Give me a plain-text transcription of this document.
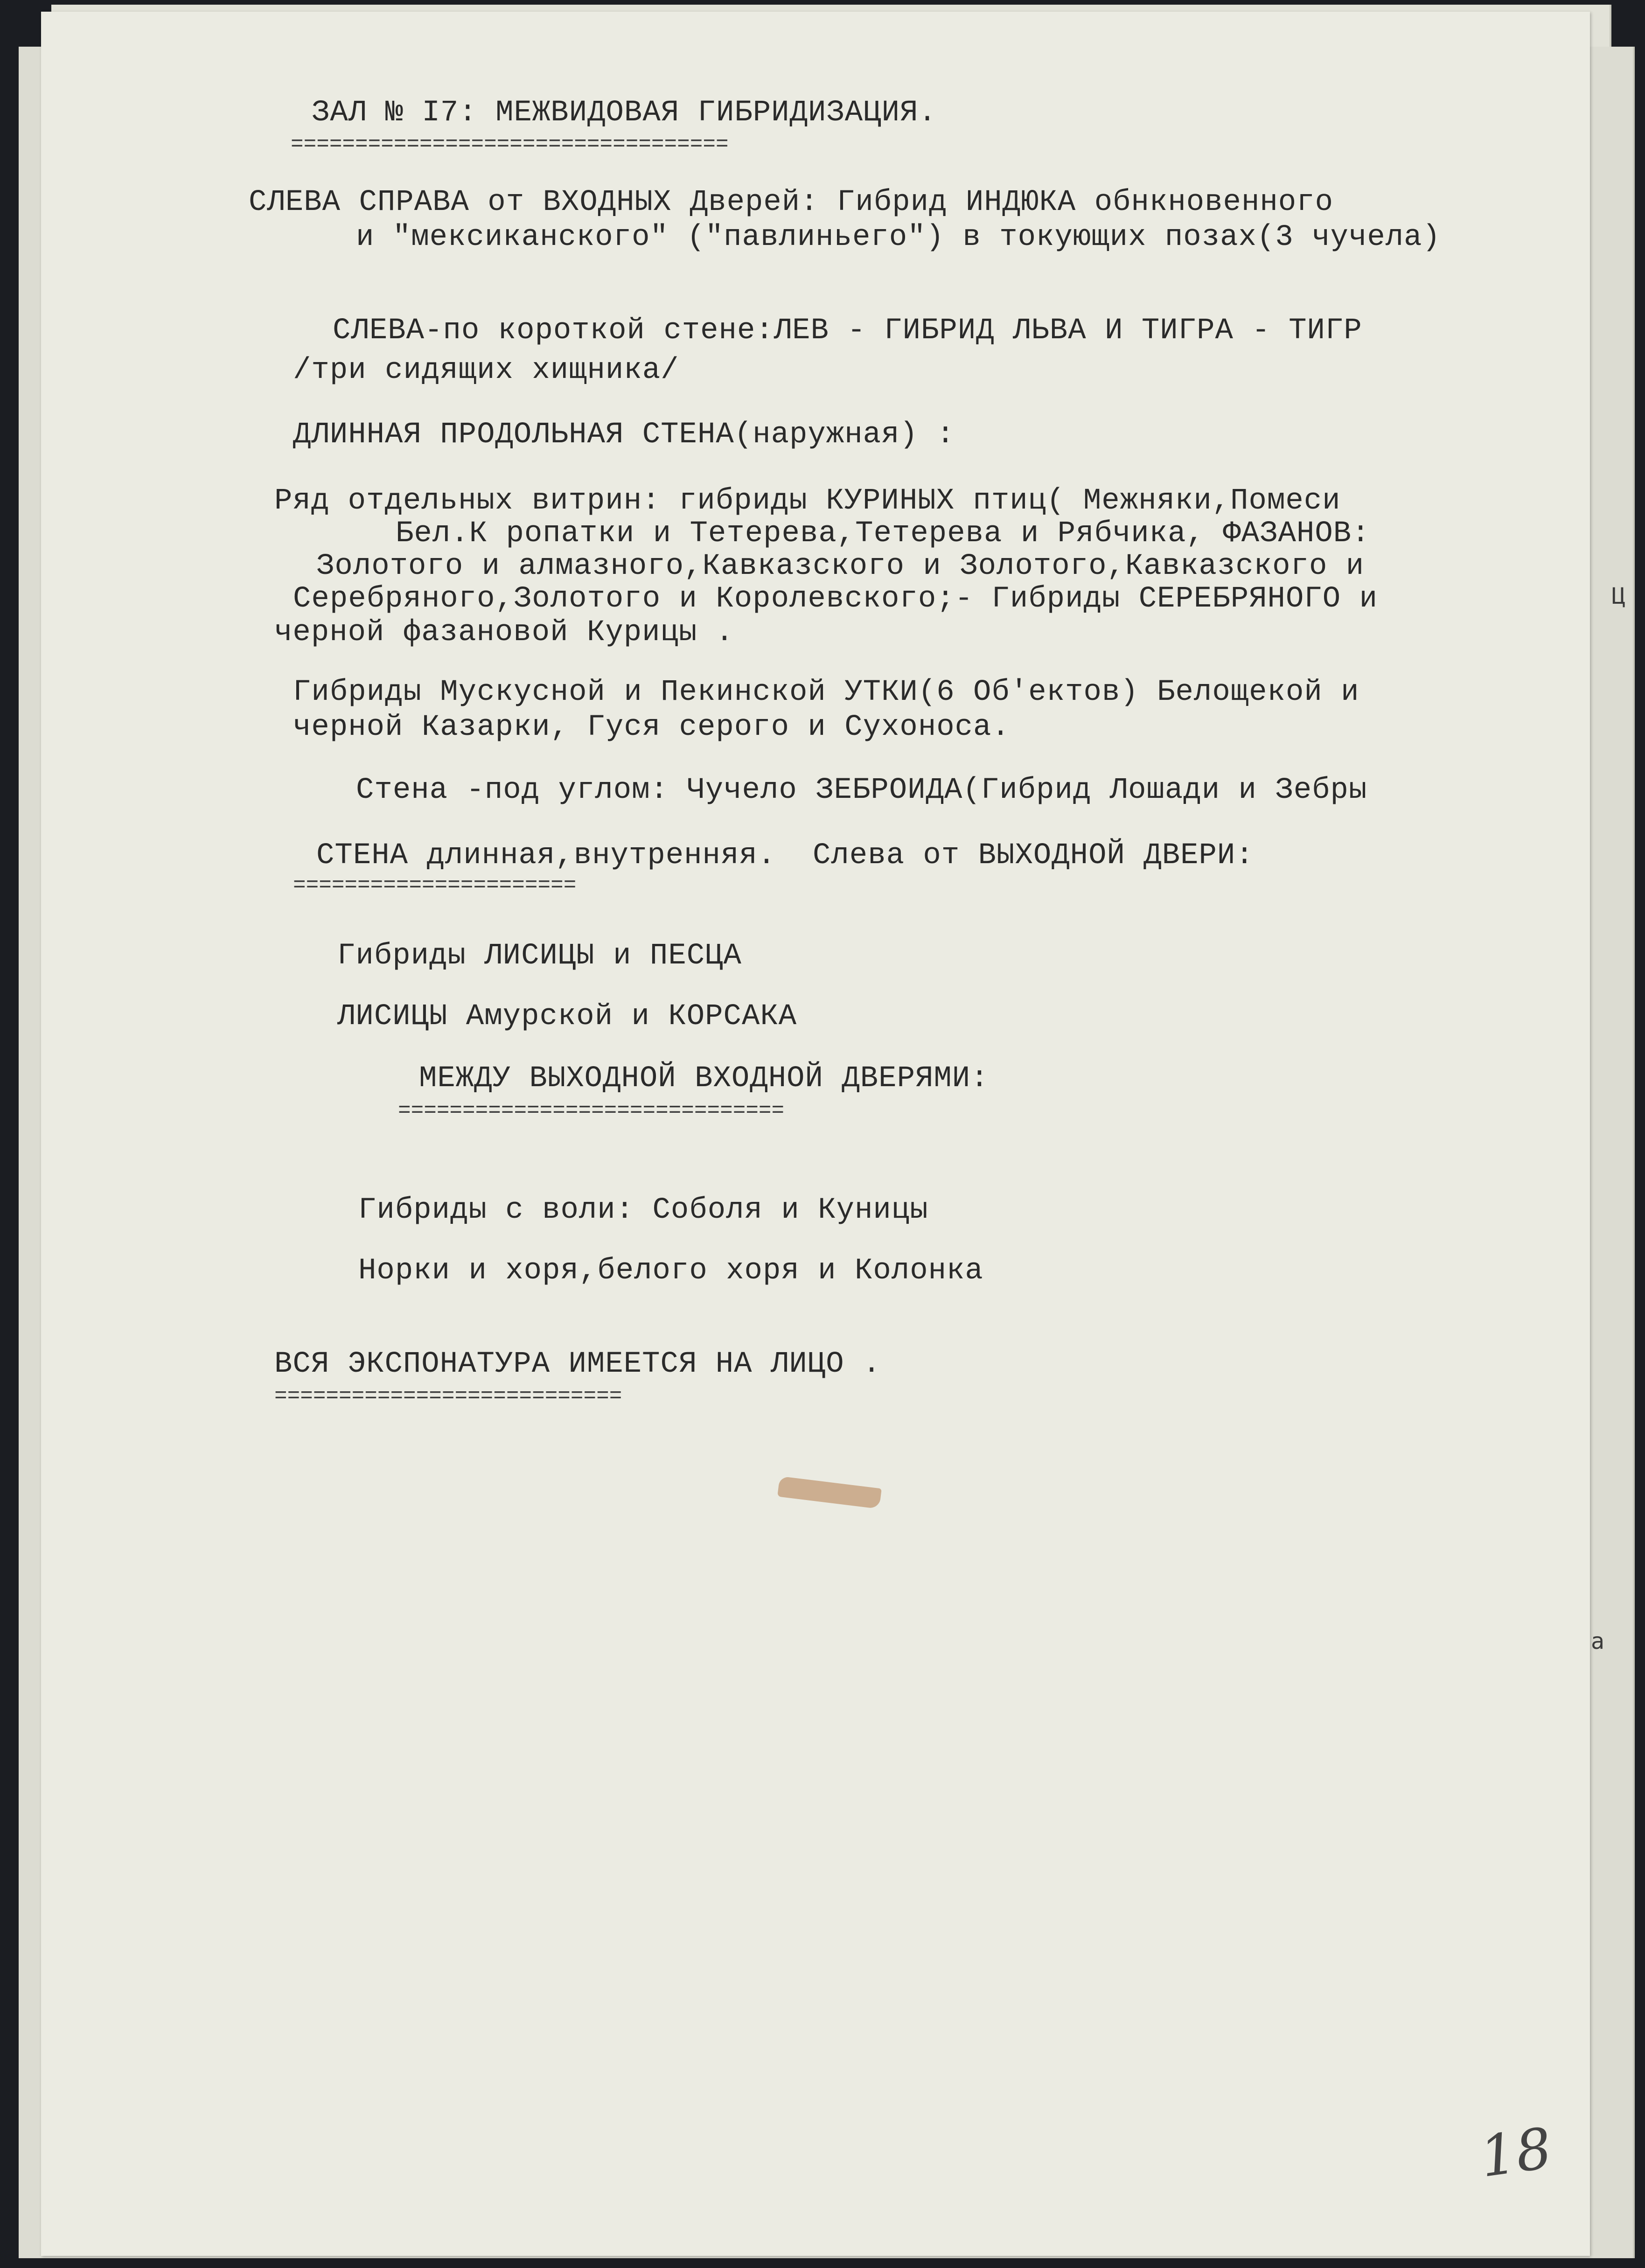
Ц
а
ЗАЛ № I7: МЕЖВИДОВАЯ ГИБРИДИЗАЦИЯ.
==================================
СЛЕВА СПРАВА от ВХОДНЫХ Дверей: Гибрид ИНДЮКА обнкновенного
и "мексиканского" ("павлиньего") в токующих позах(3 чучела)
СЛЕВА-по короткой стене:ЛЕВ - ГИБРИД ЛЬВА И ТИГРА - ТИГР
/три сидящих хищника/
ДЛИННАЯ ПРОДОЛЬНАЯ СТЕНА(наружная) :
Ряд отдельных витрин: гибриды КУРИНЫХ птиц( Межняки,Помеси
Бел.К ропатки и Тетерева,Тетерева и Рябчика, ФАЗАНОВ:
Золотого и алмазного,Кавказского и Золотого,Кавказского и
Серебряного,Золотого и Королевского;- Гибриды СЕРЕБРЯНОГО и
черной фазановой Курицы .
Гибриды Мускусной и Пекинской УТКИ(6 Об'ектов) Белощекой и
черной Казарки, Гуся серого и Сухоноса.
Стена -под углом: Чучело ЗЕБРОИДА(Гибрид Лошади и Зебры
СТЕНА длинная,внутренняя.  Слева от ВЫХОДНОЙ ДВЕРИ:
======================
Гибриды ЛИСИЦЫ и ПЕСЦА
ЛИСИЦЫ Амурской и КОРСАКА
МЕЖДУ ВЫХОДНОЙ ВХОДНОЙ ДВЕРЯМИ:
==============================
Гибриды с воли: Соболя и Куницы
Норки и хоря,белого хоря и Колонка
ВСЯ ЭКСПОНАТУРА ИМЕЕТСЯ НА ЛИЦО .
===========================
18
